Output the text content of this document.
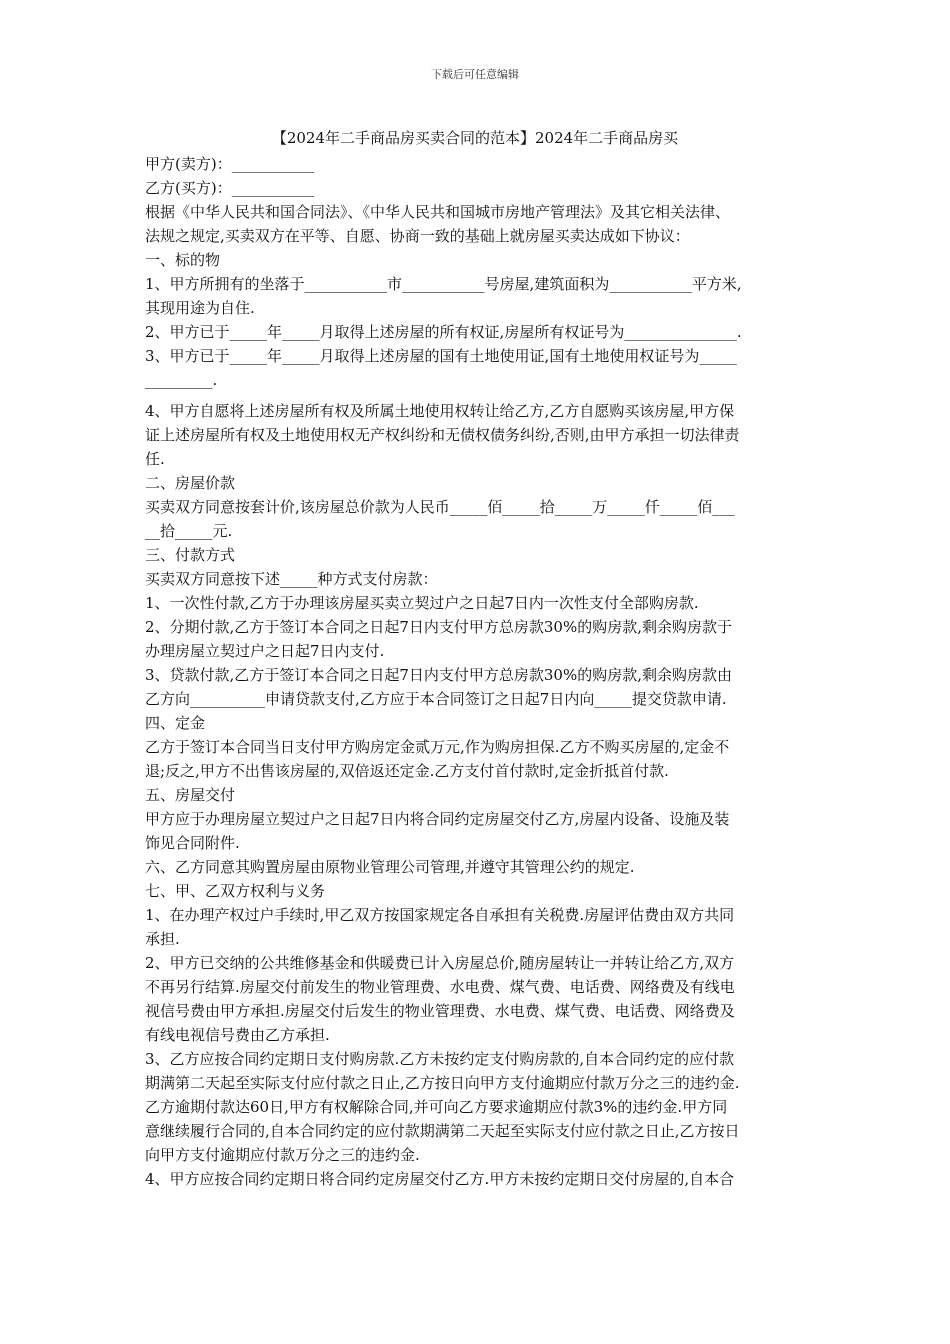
下载后可任意编辑

【2024年二手商品房买卖合同的范本】2024年二手商品房买
甲方(卖方)：___________
乙方(买方)：___________
根据《中华人民共和国合同法》、《中华人民共和国城市房地产管理法》及其它相关法律、
法规之规定,买卖双方在平等、自愿、协商一致的基础上就房屋买卖达成如下协议：
一、标的物
1、甲方所拥有的坐落于___________市___________号房屋,建筑面积为___________平方米,
其现用途为自住.
2、甲方已于_____年_____月取得上述房屋的所有权证,房屋所有权证号为_______________.
3、甲方已于_____年_____月取得上述房屋的国有土地使用证,国有土地使用权证号为_____
_________.
4、甲方自愿将上述房屋所有权及所属土地使用权转让给乙方,乙方自愿购买该房屋,甲方保
证上述房屋所有权及土地使用权无产权纠纷和无债权债务纠纷,否则,由甲方承担一切法律责
任.
二、房屋价款
买卖双方同意按套计价,该房屋总价款为人民币_____佰_____拾_____万_____仟_____佰___
__拾_____元.
三、付款方式
买卖双方同意按下述_____种方式支付房款：
1、一次性付款,乙方于办理该房屋买卖立契过户之日起7日内一次性支付全部购房款.
2、分期付款,乙方于签订本合同之日起7日内支付甲方总房款30%的购房款,剩余购房款于
办理房屋立契过户之日起7日内支付.
3、贷款付款,乙方于签订本合同之日起7日内支付甲方总房款30%的购房款,剩余购房款由
乙方向__________申请贷款支付,乙方应于本合同签订之日起7日内向_____提交贷款申请.
四、定金
乙方于签订本合同当日支付甲方购房定金贰万元,作为购房担保.乙方不购买房屋的,定金不
退;反之,甲方不出售该房屋的,双倍返还定金.乙方支付首付款时,定金折抵首付款.
五、房屋交付
甲方应于办理房屋立契过户之日起7日内将合同约定房屋交付乙方,房屋内设备、设施及装
饰见合同附件.
六、乙方同意其购置房屋由原物业管理公司管理,并遵守其管理公约的规定.
七、甲、乙双方权利与义务
1、在办理产权过户手续时,甲乙双方按国家规定各自承担有关税费.房屋评估费由双方共同
承担.
2、甲方已交纳的公共维修基金和供暖费已计入房屋总价,随房屋转让一并转让给乙方,双方
不再另行结算.房屋交付前发生的物业管理费、水电费、煤气费、电话费、网络费及有线电
视信号费由甲方承担.房屋交付后发生的物业管理费、水电费、煤气费、电话费、网络费及
有线电视信号费由乙方承担.
3、乙方应按合同约定期日支付购房款.乙方未按约定支付购房款的,自本合同约定的应付款
期满第二天起至实际支付应付款之日止,乙方按日向甲方支付逾期应付款万分之三的违约金.
乙方逾期付款达60日,甲方有权解除合同,并可向乙方要求逾期应付款3%的违约金.甲方同
意继续履行合同的,自本合同约定的应付款期满第二天起至实际支付应付款之日止,乙方按日
向甲方支付逾期应付款万分之三的违约金.
4、甲方应按合同约定期日将合同约定房屋交付乙方.甲方未按约定期日交付房屋的,自本合
